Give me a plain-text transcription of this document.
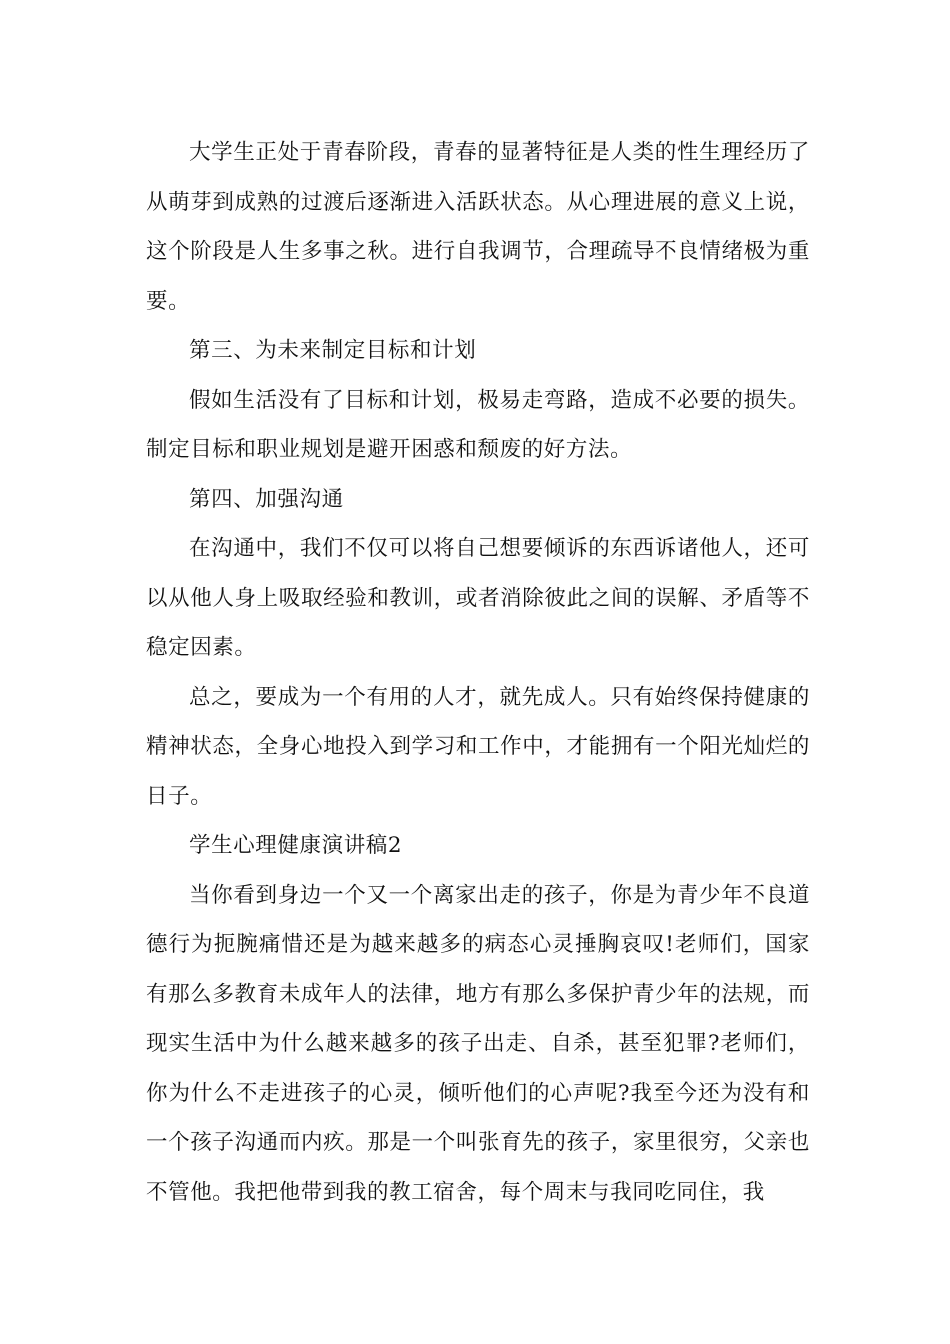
大学生正处于青春阶段，青春的显著特征是人类的性生理经历了从萌芽到成熟的过渡后逐渐进入活跃状态。从心理进展的意义上说，这个阶段是人生多事之秋。进行自我调节，合理疏导不良情绪极为重要。

第三、为未来制定目标和计划

假如生活没有了目标和计划，极易走弯路，造成不必要的损失。制定目标和职业规划是避开困惑和颓废的好方法。

第四、加强沟通

在沟通中，我们不仅可以将自己想要倾诉的东西诉诸他人，还可以从他人身上吸取经验和教训，或者消除彼此之间的误解、矛盾等不稳定因素。

总之，要成为一个有用的人才，就先成人。只有始终保持健康的精神状态，全身心地投入到学习和工作中，才能拥有一个阳光灿烂的日子。

学生心理健康演讲稿2

当你看到身边一个又一个离家出走的孩子，你是为青少年不良道德行为扼腕痛惜还是为越来越多的病态心灵捶胸哀叹!老师们，国家有那么多教育未成年人的法律，地方有那么多保护青少年的法规，而现实生活中为什么越来越多的孩子出走、自杀，甚至犯罪?老师们，你为什么不走进孩子的心灵，倾听他们的心声呢?我至今还为没有和一个孩子沟通而内疚。那是一个叫张育先的孩子，家里很穷，父亲也不管他。我把他带到我的教工宿舍，每个周末与我同吃同住，我
